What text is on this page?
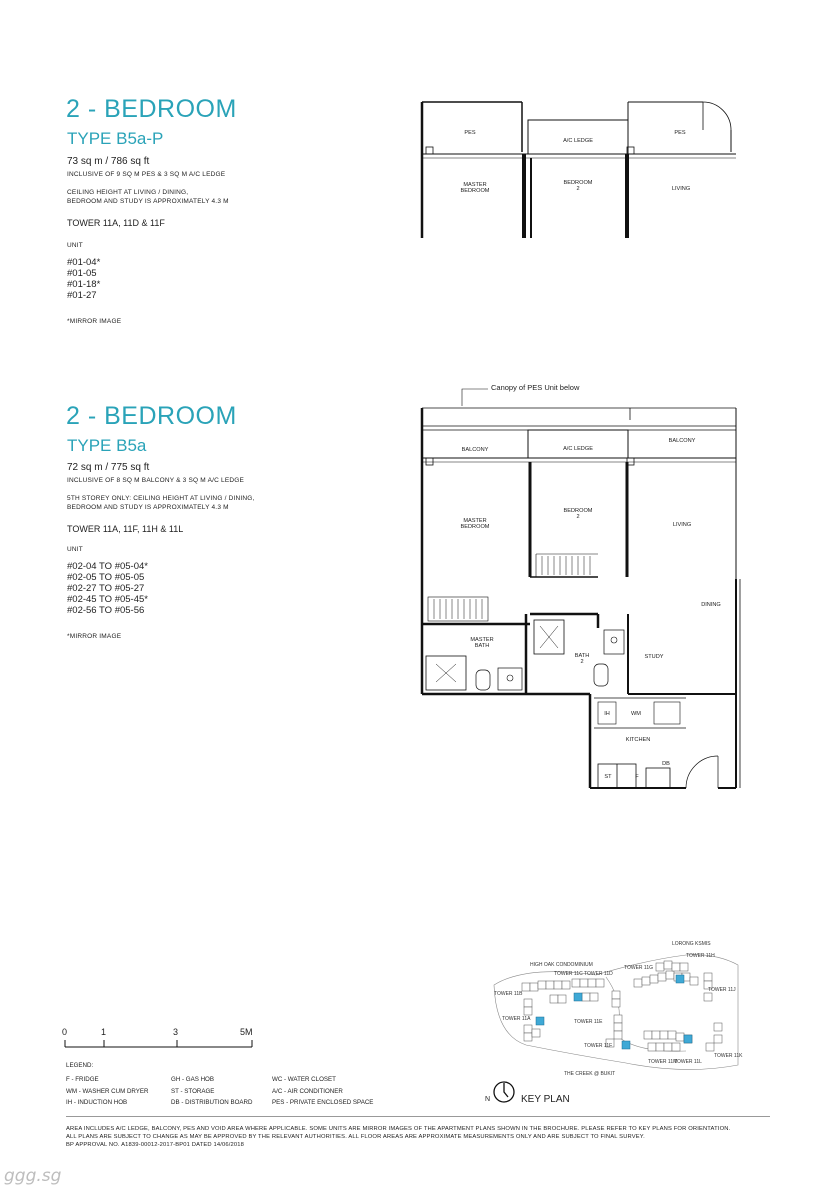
2 - BEDROOM
TYPE B5a-P
73 sq m / 786 sq ft
INCLUSIVE OF 9 SQ M PES & 3 SQ M A/C LEDGE
CEILING HEIGHT AT LIVING / DINING,
BEDROOM AND STUDY IS APPROXIMATELY 4.3 M
TOWER 11A, 11D & 11F
UNIT
#01-04*
#01-05
#01-18*
#01-27
*MIRROR IMAGE
PES
A/C LEDGE
PES
MASTER
BEDROOM
BEDROOM
2	LIVING
2 - BEDROOM
TYPE B5a
72 sq m / 775 sq ft
INCLUSIVE OF 8 SQ M BALCONY & 3 SQ M A/C LEDGE
5TH STOREY ONLY: CEILING HEIGHT AT LIVING / DINING,
BEDROOM AND STUDY IS APPROXIMATELY 4.3 M
TOWER 11A, 11F, 11H & 11L
UNIT
#02-04 TO #05-04*
#02-05 TO #05-05
#02-27 TO #05-27
#02-45 TO #05-45*
#02-56 TO #05-56
*MIRROR IMAGE
Canopy of PES Unit below
BALCONY	A/C LEDGE
BALCONY
MASTER
BEDROOM
BEDROOM
2
LIVING
DINING
MASTER
BATH
BATH
2
STUDY
IH	WM
KITCHEN
ST	F
DB
0	1	3	5M
LEGEND:
F - FRIDGE
WM - WASHER CUM DRYER
IH - INDUCTION HOB
GH - GAS HOB
ST - STORAGE
DB - DISTRIBUTION BOARD
WC - WATER CLOSET
A/C - AIR CONDITIONER
PES - PRIVATE ENCLOSED SPACE
LORONG KSMIS
HIGH OAK CONDOMINIUM
TOWER 11H
TOWER 11G
TOWER 11C TOWER 11D
TOWER 11B
TOWER 11A	TOWER 11E
TOWER 11F
TOWER 11J
TOWER 11K
TOWER 11L
TOWER 11M
THE CREEK @ BUKIT
N	KEY PLAN
AREA INCLUDES A/C LEDGE, BALCONY, PES AND VOID AREA WHERE APPLICABLE. SOME UNITS ARE MIRROR IMAGES OF THE APARTMENT PLANS SHOWN IN THE BROCHURE. PLEASE REFER TO KEY PLANS FOR ORIENTATION.
ALL PLANS ARE SUBJECT TO CHANGE AS MAY BE APPROVED BY THE RELEVANT AUTHORITIES. ALL FLOOR AREAS ARE APPROXIMATE MEASUREMENTS ONLY AND ARE SUBJECT TO FINAL SURVEY.
BP APPROVAL NO. A1839-00012-2017-BP01 DATED 14/06/2018
ggg.sg
